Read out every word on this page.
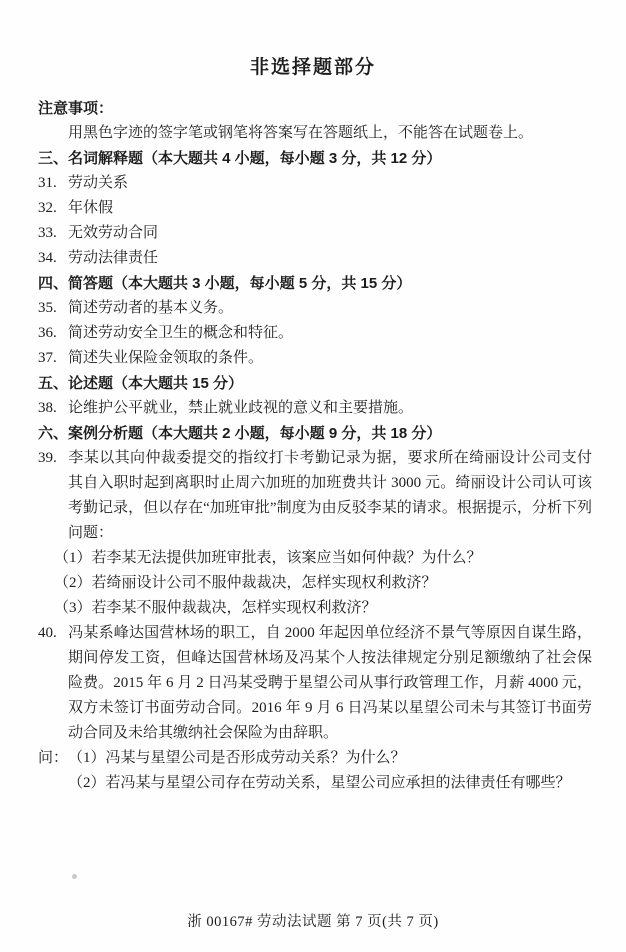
非选择题部分
注意事项：
用黑色字迹的签字笔或钢笔将答案写在答题纸上，不能答在试题卷上。
三、名词解释题（本大题共 4 小题，每小题 3 分，共 12 分）
31. 劳动关系
32. 年休假
33. 无效劳动合同
34. 劳动法律责任
四、简答题（本大题共 3 小题，每小题 5 分，共 15 分）
35. 简述劳动者的基本义务。
36. 简述劳动安全卫生的概念和特征。
37. 简述失业保险金领取的条件。
五、论述题（本大题共 15 分）
38. 论维护公平就业，禁止就业歧视的意义和主要措施。
六、案例分析题（本大题共 2 小题，每小题 9 分，共 18 分）
39. 李某以其向仲裁委提交的指纹打卡考勤记录为据，要求所在绮丽设计公司支付其自入职时起到离职时止周六加班的加班费共计 3000 元。绮丽设计公司认可该考勤记录，但以存在“加班审批”制度为由反驳李某的请求。根据提示，分析下列问题：
（1）若李某无法提供加班审批表，该案应当如何仲裁？为什么？
（2）若绮丽设计公司不服仲裁裁决，怎样实现权利救济？
（3）若李某不服仲裁裁决，怎样实现权利救济？
40. 冯某系峰达国营林场的职工，自 2000 年起因单位经济不景气等原因自谋生路，期间停发工资，但峰达国营林场及冯某个人按法律规定分别足额缴纳了社会保险费。2015 年 6 月 2 日冯某受聘于星望公司从事行政管理工作，月薪 4000 元，双方未签订书面劳动合同。2016 年 9 月 6 日冯某以星望公司未与其签订书面劳动合同及未给其缴纳社会保险为由辞职。
问： （1）冯某与星望公司是否形成劳动关系？为什么？
（2）若冯某与星望公司存在劳动关系，星望公司应承担的法律责任有哪些？
浙 00167# 劳动法试题 第 7 页(共 7 页)
